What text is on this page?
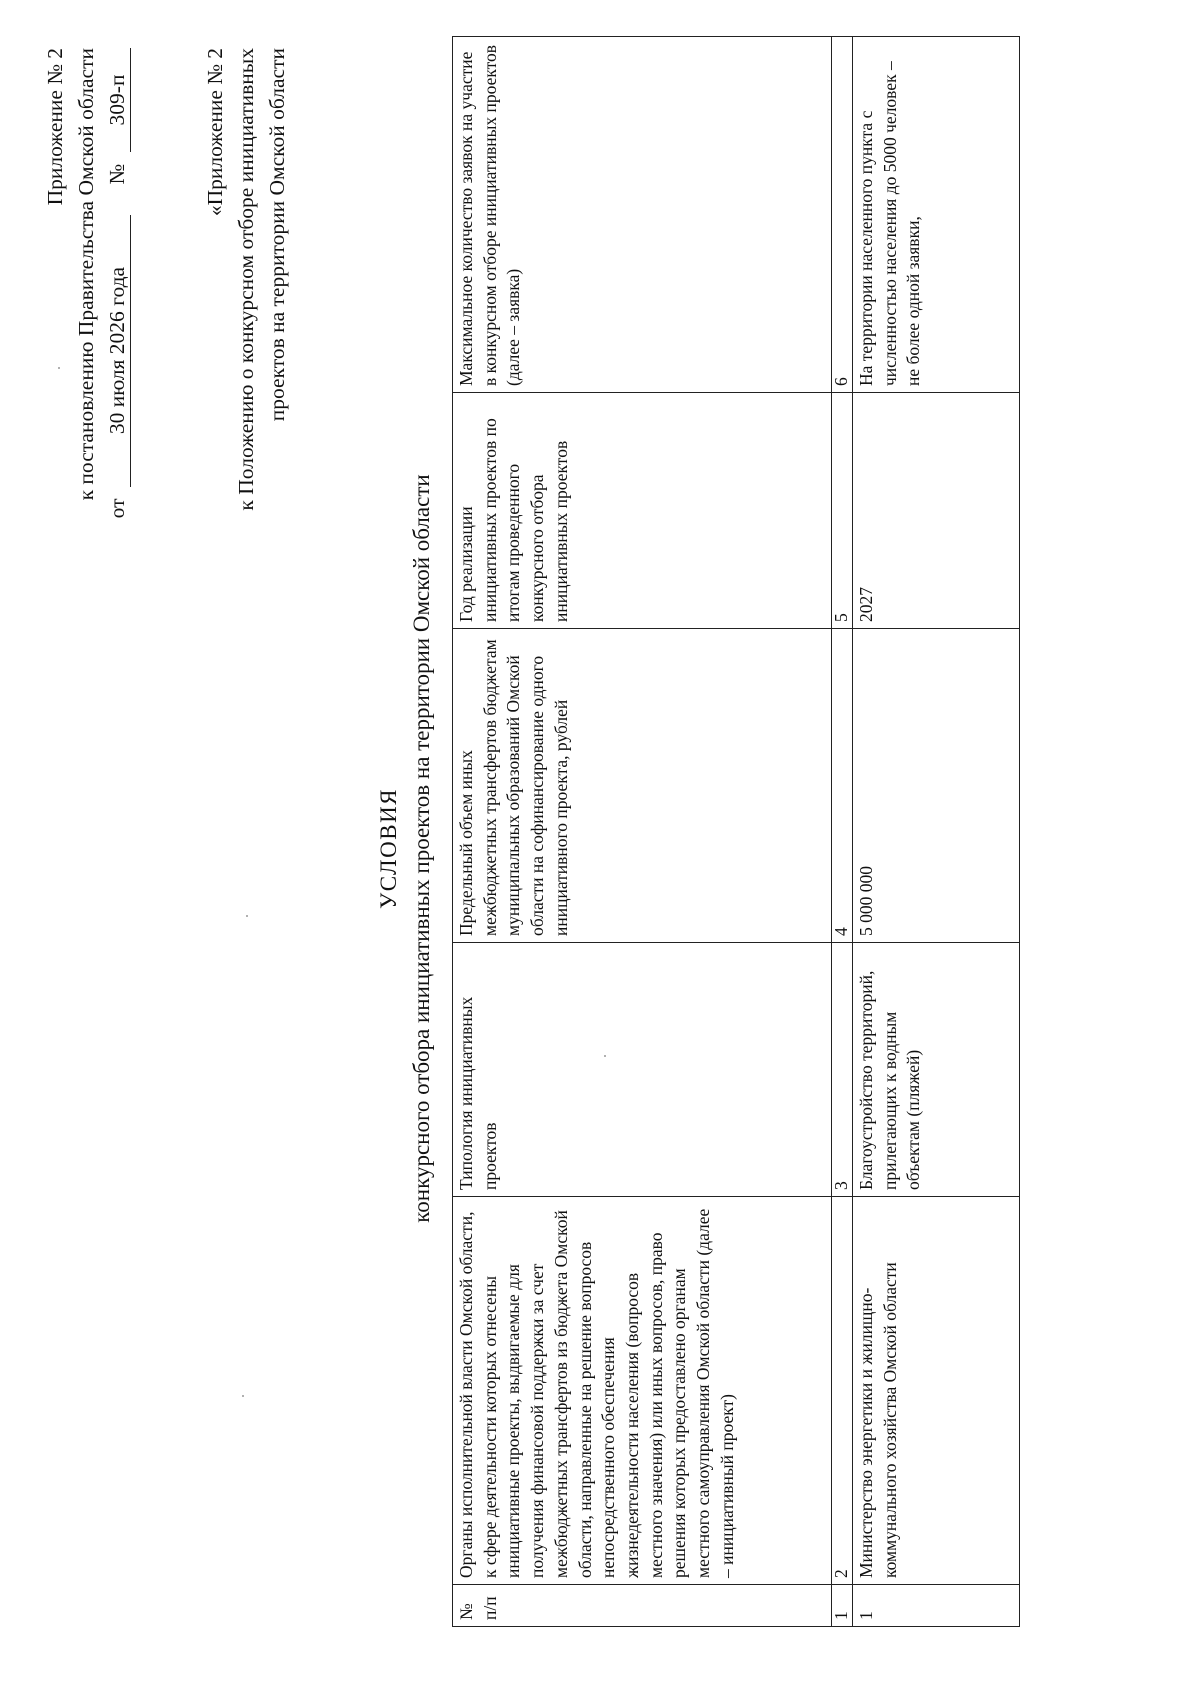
Приложение № 2 к постановлению Правительства Омской области
от
30 июля 2026 года
№
309-п	«Приложение № 2 к Положению о конкурсном отборе инициативных проектов на территории Омской области
УСЛОВИЯ конкурсного отбора инициативных проектов на территории Омской области
№ п/п	Органы исполнительной власти Омской области, к сфере деятельности которых отнесены инициативные проекты, выдвигаемые для получения финансовой поддержки за счет межбюджетных трансфертов из бюджета Омской области, направленные на решение вопросов непосредственного обеспечения жизнедеятельности населения (вопросов местного значения) или иных вопросов, право решения которых предоставлено органам местного самоуправления Омской области (далее – инициативный проект)	Типология инициативных проектов	Предельный объем иных межбюджетных трансфертов бюджетам муниципальных образований Омской области на софинансирование одного инициативного проекта, рублей	Год реализации инициативных проектов по итогам проведенного конкурсного отбора инициативных проектов	Максимальное количество заявок на участие в конкурсном отборе инициативных проектов (далее – заявка)
1	2	3	4	5	6
1	Министерство энергетики и жилищно-коммунального хозяйства Омской области	Благоустройство территорий, прилегающих к водным объектам (пляжей)	5 000 000	2027	На территории населенного пункта с численностью населения до 5000 человек – не более одной заявки,
